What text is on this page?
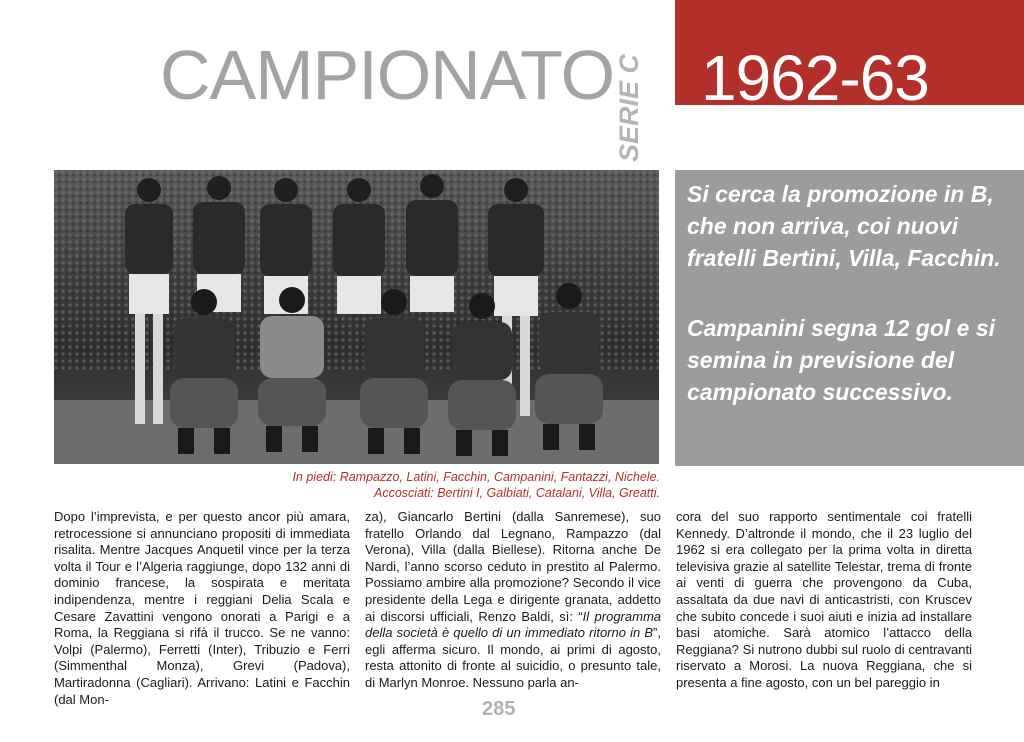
CAMPIONATO SERIE C 1962-63
In piedi: Rampazzo, Latini, Facchin, Campanini, Fantazzi, Nichele.
Accosciati: Bertini I, Galbiati, Catalani, Villa, Greatti.
Si cerca la promozione in B, che non arriva, coi nuovi fratelli Bertini, Villa, Facchin.
Campanini segna 12 gol e si semina in previsione del campionato successivo.

Dopo l’imprevista, e per questo ancor più amara, retrocessione si annunciano propositi di immediata risalita. Mentre Jacques Anquetil vince per la terza volta il Tour e l’Algeria raggiunge, dopo 132 anni di dominio francese, la sospirata e meritata indipendenza, mentre i reggiani Delia Scala e Cesare Zavattini vengono onorati a Parigi e a Roma, la Reggiana si rifà il trucco. Se ne vanno: Volpi (Palermo), Ferretti (Inter), Tribuzio e Ferri (Simmenthal Monza), Grevi (Padova), Martiradonna (Cagliari). Arrivano: Latini e Facchin (dal Mon-

za), Giancarlo Bertini (dalla Sanremese), suo fratello Orlando dal Legnano, Rampazzo (dal Verona), Villa (dalla Biellese). Ritorna anche De Nardi, l’anno scorso ceduto in prestito al Palermo. Possiamo ambire alla promozione? Secondo il vice presidente della Lega e dirigente granata, addetto ai discorsi ufficiali, Renzo Baldi, sì: “Il programma della società è quello di un immediato ritorno in B”, egli afferma sicuro. Il mondo, ai primi di agosto, resta attonito di fronte al suicidio, o presunto tale, di Marlyn Monroe. Nessuno parla an-

cora del suo rapporto sentimentale coi fratelli Kennedy. D’altronde il mondo, che il 23 luglio del 1962 si era collegato per la prima volta in diretta televisiva grazie al satellite Telestar, trema di fronte ai venti di guerra che provengono da Cuba, assaltata da due navi di anticastristi, con Kruscev che subito concede i suoi aiuti e inizia ad installare basi atomiche. Sarà atomico l’attacco della Reggiana? Si nutrono dubbi sul ruolo di centravanti riservato a Morosi. La nuova Reggiana, che si presenta a fine agosto, con un bel pareggio in

285
